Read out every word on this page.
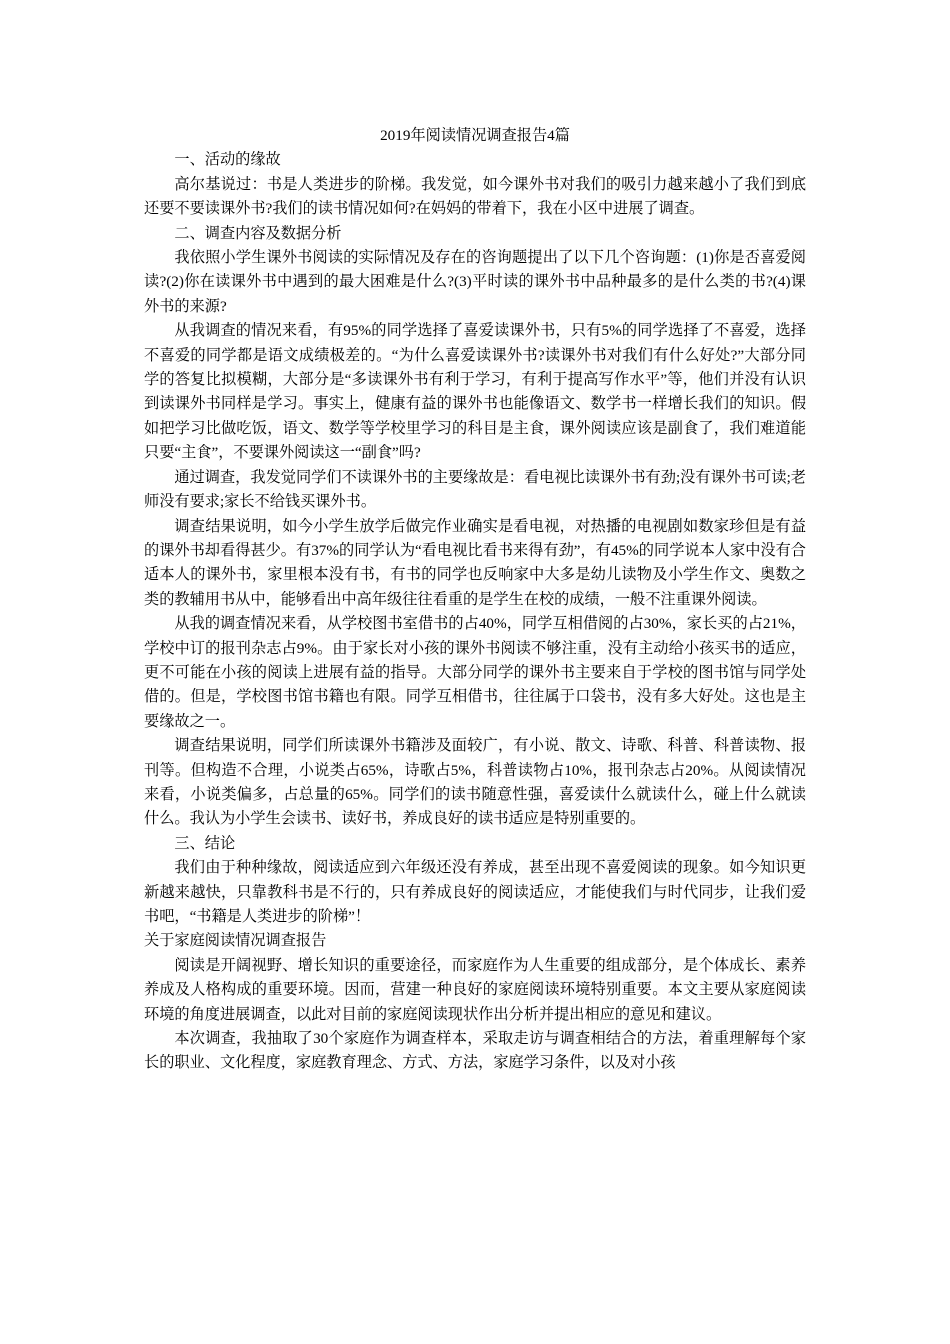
2019年阅读情况调查报告4篇

一、活动的缘故

高尔基说过：书是人类进步的阶梯。我发觉，如今课外书对我们的吸引力越来越小了我们到底还要不要读课外书?我们的读书情况如何?在妈妈的带着下，我在小区中进展了调查。

二、调查内容及数据分析

我依照小学生课外书阅读的实际情况及存在的咨询题提出了以下几个咨询题：(1)你是否喜爱阅读?(2)你在读课外书中遇到的最大困难是什么?(3)平时读的课外书中品种最多的是什么类的书?(4)课外书的来源?

从我调查的情况来看，有95%的同学选择了喜爱读课外书，只有5%的同学选择了不喜爱，选择不喜爱的同学都是语文成绩极差的。“为什么喜爱读课外书?读课外书对我们有什么好处?”大部分同学的答复比拟模糊，大部分是“多读课外书有利于学习，有利于提高写作水平”等，他们并没有认识到读课外书同样是学习。事实上，健康有益的课外书也能像语文、数学书一样增长我们的知识。假如把学习比做吃饭，语文、数学等学校里学习的科目是主食，课外阅读应该是副食了，我们难道能只要“主食”，不要课外阅读这一“副食”吗?

通过调查，我发觉同学们不读课外书的主要缘故是：看电视比读课外书有劲;没有课外书可读;老师没有要求;家长不给钱买课外书。

调查结果说明，如今小学生放学后做完作业确实是看电视，对热播的电视剧如数家珍但是有益的课外书却看得甚少。有37%的同学认为“看电视比看书来得有劲”，有45%的同学说本人家中没有合适本人的课外书，家里根本没有书，有书的同学也反响家中大多是幼儿读物及小学生作文、奥数之类的教辅用书从中，能够看出中高年级往往看重的是学生在校的成绩，一般不注重课外阅读。

从我的调查情况来看，从学校图书室借书的占40%，同学互相借阅的占30%，家长买的占21%，学校中订的报刊杂志占9%。由于家长对小孩的课外书阅读不够注重，没有主动给小孩买书的适应，更不可能在小孩的阅读上进展有益的指导。大部分同学的课外书主要来自于学校的图书馆与同学处借的。但是，学校图书馆书籍也有限。同学互相借书，往往属于口袋书，没有多大好处。这也是主要缘故之一。

调查结果说明，同学们所读课外书籍涉及面较广，有小说、散文、诗歌、科普、科普读物、报刊等。但构造不合理，小说类占65%，诗歌占5%，科普读物占10%，报刊杂志占20%。从阅读情况来看，小说类偏多，占总量的65%。同学们的读书随意性强，喜爱读什么就读什么，碰上什么就读什么。我认为小学生会读书、读好书，养成良好的读书适应是特别重要的。

三、结论

我们由于种种缘故，阅读适应到六年级还没有养成，甚至出现不喜爱阅读的现象。如今知识更新越来越快，只靠教科书是不行的，只有养成良好的阅读适应，才能使我们与时代同步，让我们爱书吧，“书籍是人类进步的阶梯”！

关于家庭阅读情况调查报告

阅读是开阔视野、增长知识的重要途径，而家庭作为人生重要的组成部分，是个体成长、素养养成及人格构成的重要环境。因而，营建一种良好的家庭阅读环境特别重要。本文主要从家庭阅读环境的角度进展调查，以此对目前的家庭阅读现状作出分析并提出相应的意见和建议。

本次调查，我抽取了30个家庭作为调查样本，采取走访与调查相结合的方法，着重理解每个家长的职业、文化程度，家庭教育理念、方式、方法，家庭学习条件，以及对小孩
